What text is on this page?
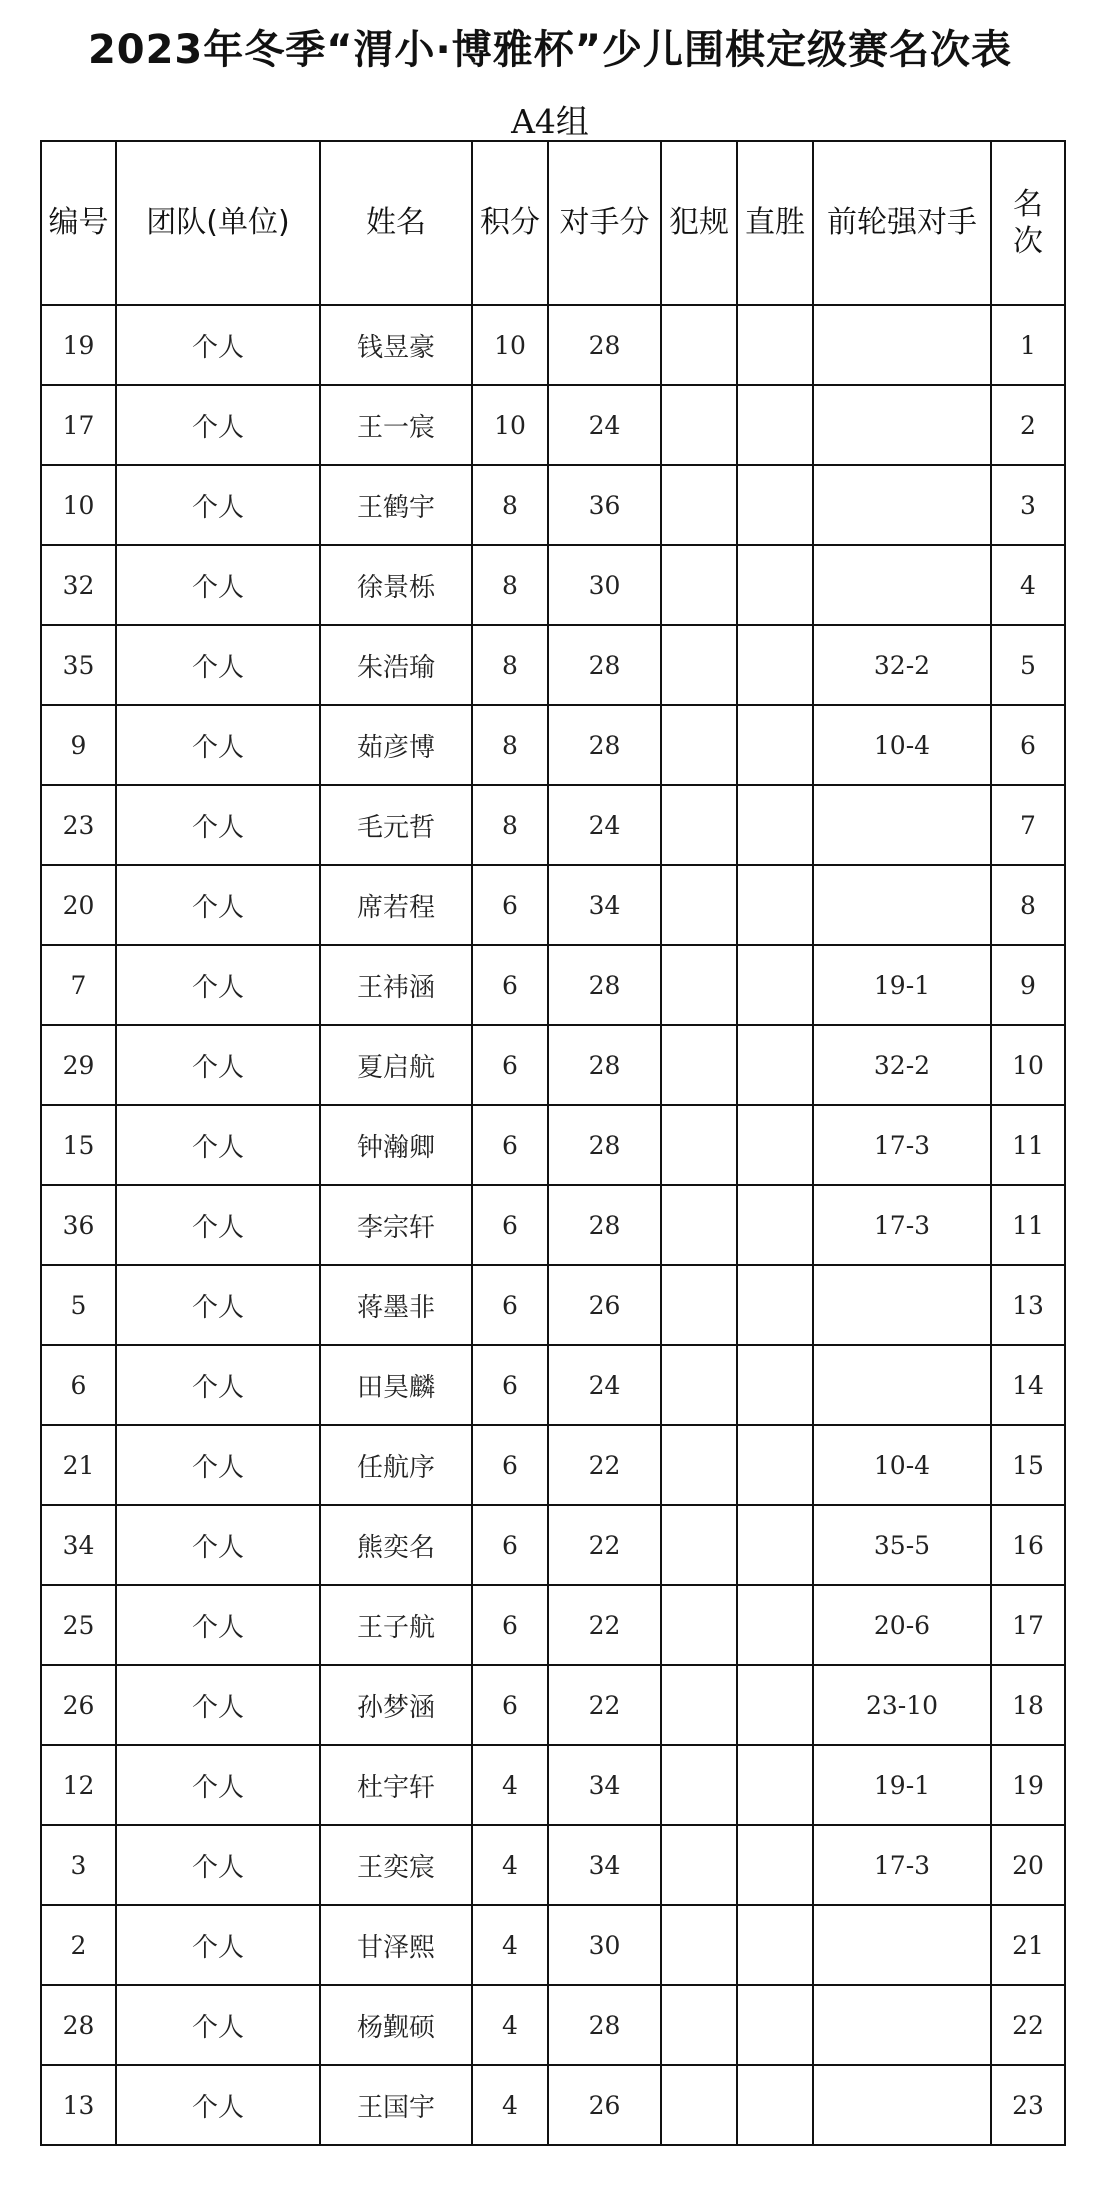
2023年冬季“渭小·博雅杯”少儿围棋定级赛名次表
A4组
编号	团队(单位)	姓名	积分	对手分	犯规	直胜	前轮强对手	名
次
19	个人	钱昱豪	10	28				1
17	个人	王一宸	10	24				2
10	个人	王鹤宇	8	36				3
32	个人	徐景栎	8	30				4
35	个人	朱浩瑜	8	28			32-2	5
9	个人	茹彦博	8	28			10-4	6
23	个人	毛元哲	8	24				7
20	个人	席若程	6	34				8
7	个人	王祎涵	6	28			19-1	9
29	个人	夏启航	6	28			32-2	10
15	个人	钟瀚卿	6	28			17-3	11
36	个人	李宗轩	6	28			17-3	11
5	个人	蒋墨非	6	26				13
6	个人	田昊麟	6	24				14
21	个人	任航序	6	22			10-4	15
34	个人	熊奕名	6	22			35-5	16
25	个人	王子航	6	22			20-6	17
26	个人	孙梦涵	6	22			23-10	18
12	个人	杜宇轩	4	34			19-1	19
3	个人	王奕宸	4	34			17-3	20
2	个人	甘泽熙	4	30				21
28	个人	杨觐硕	4	28				22
13	个人	王国宇	4	26				23
